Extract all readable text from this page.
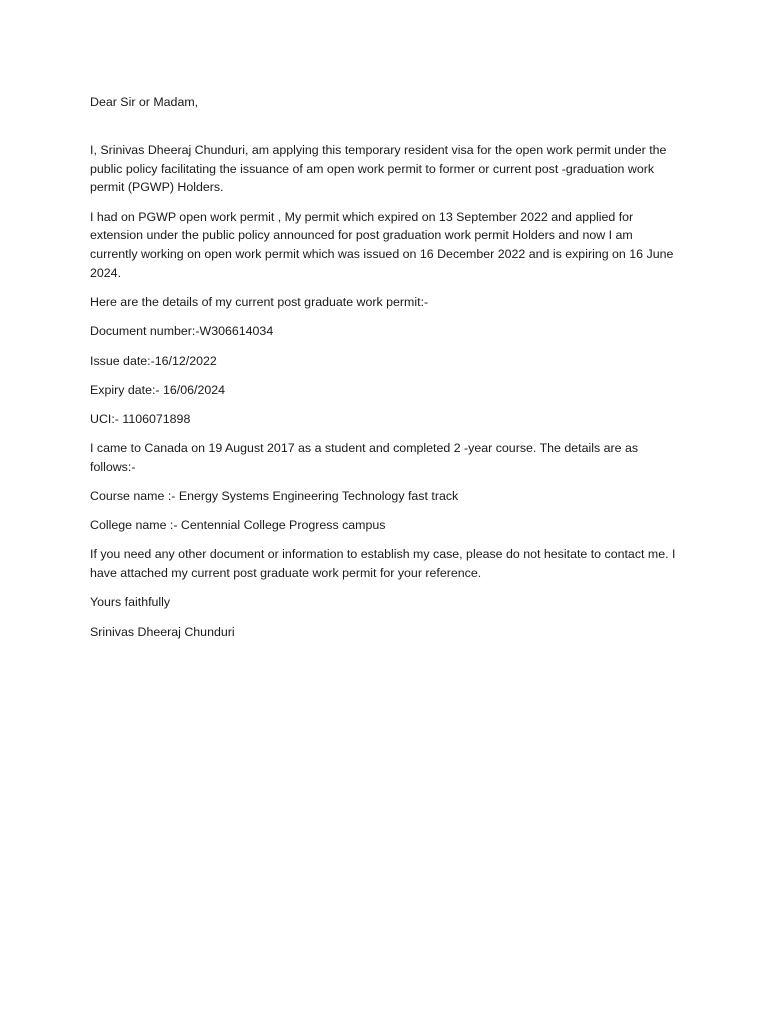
Dear Sir or Madam,

I, Srinivas Dheeraj Chunduri, am applying this temporary resident visa for the open work permit under the public policy facilitating the issuance of am open work permit to former or current post -graduation work permit (PGWP) Holders.

I had on PGWP open work permit , My permit which expired on 13 September 2022 and applied for extension under the public policy announced for post graduation work permit Holders and now I am currently working on open work permit which was issued on 16 December 2022 and is expiring on 16 June 2024.

Here are the details of my current post graduate work permit:-

Document number:-W306614034

Issue date:-16/12/2022

Expiry date:- 16/06/2024

UCI:- 1106071898

I came to Canada on 19 August 2017 as a student and completed 2 -year course. The details are as follows:-

Course name :- Energy Systems Engineering Technology fast track

College name :- Centennial College Progress campus

If you need any other document or information to establish my case, please do not hesitate to contact me. I have attached my current post graduate work permit for your reference.

Yours faithfully

Srinivas Dheeraj Chunduri
